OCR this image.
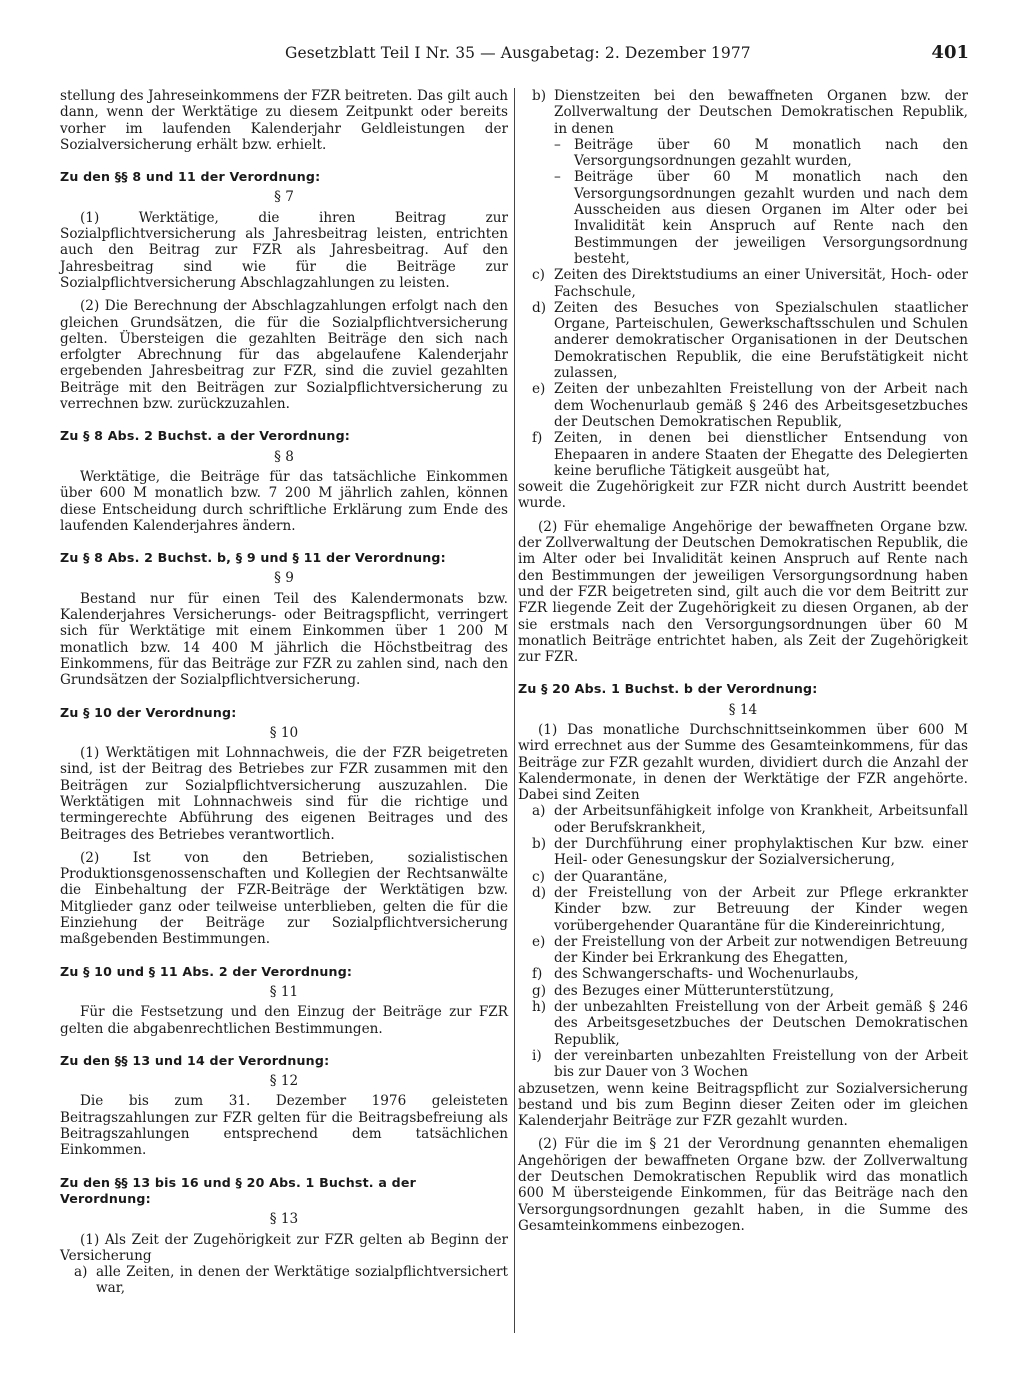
Gesetzblatt Teil I Nr. 35 — Ausgabetag: 2. Dezember 1977	401

stellung des Jahreseinkommens der FZR beitreten. Das gilt auch dann, wenn der Werktätige zu diesem Zeitpunkt oder bereits vorher im laufenden Kalenderjahr Geldleistungen der Sozialversicherung erhält bzw. erhielt.

Zu den §§ 8 und 11 der Verordnung:

§ 7

(1) Werktätige, die ihren Beitrag zur Sozialpflichtversicherung als Jahresbeitrag leisten, entrichten auch den Beitrag zur FZR als Jahresbeitrag. Auf den Jahresbeitrag sind wie für die Beiträge zur Sozialpflichtversicherung Abschlagzahlungen zu leisten.

(2) Die Berechnung der Abschlagzahlungen erfolgt nach den gleichen Grundsätzen, die für die Sozialpflichtversicherung gelten. Übersteigen die gezahlten Beiträge den sich nach erfolgter Abrechnung für das abgelaufene Kalenderjahr ergebenden Jahresbeitrag zur FZR, sind die zuviel gezahlten Beiträge mit den Beiträgen zur Sozialpflichtversicherung zu verrechnen bzw. zurückzuzahlen.

Zu § 8 Abs. 2 Buchst. a der Verordnung:

§ 8

Werktätige, die Beiträge für das tatsächliche Einkommen über 600 M monatlich bzw. 7 200 M jährlich zahlen, können diese Entscheidung durch schriftliche Erklärung zum Ende des laufenden Kalenderjahres ändern.

Zu § 8 Abs. 2 Buchst. b, § 9 und § 11 der Verordnung:

§ 9

Bestand nur für einen Teil des Kalendermonats bzw. Kalenderjahres Versicherungs- oder Beitragspflicht, verringert sich für Werktätige mit einem Einkommen über 1 200 M monatlich bzw. 14 400 M jährlich die Höchstbeitrag des Einkommens, für das Beiträge zur FZR zu zahlen sind, nach den Grundsätzen der Sozialpflichtversicherung.

Zu § 10 der Verordnung:

§ 10

(1) Werktätigen mit Lohnnachweis, die der FZR beigetreten sind, ist der Beitrag des Betriebes zur FZR zusammen mit den Beiträgen zur Sozialpflichtversicherung auszuzahlen. Die Werktätigen mit Lohnnachweis sind für die richtige und termingerechte Abführung des eigenen Beitrages und des Beitrages des Betriebes verantwortlich.

(2) Ist von den Betrieben, sozialistischen Produktionsgenossenschaften und Kollegien der Rechtsanwälte die Einbehaltung der FZR-Beiträge der Werktätigen bzw. Mitglieder ganz oder teilweise unterblieben, gelten die für die Einziehung der Beiträge zur Sozialpflichtversicherung maßgebenden Bestimmungen.

Zu § 10 und § 11 Abs. 2 der Verordnung:

§ 11

Für die Festsetzung und den Einzug der Beiträge zur FZR gelten die abgabenrechtlichen Bestimmungen.

Zu den §§ 13 und 14 der Verordnung:

§ 12

Die bis zum 31. Dezember 1976 geleisteten Beitragszahlungen zur FZR gelten für die Beitragsbefreiung als Beitragszahlungen entsprechend dem tatsächlichen Einkommen.

Zu den §§ 13 bis 16 und § 20 Abs. 1 Buchst. a der Verordnung:

§ 13

(1) Als Zeit der Zugehörigkeit zur FZR gelten ab Beginn der Versicherung

a) alle Zeiten, in denen der Werktätige sozialpflichtversichert war,
b) Dienstzeiten bei den bewaffneten Organen bzw. der Zollverwaltung der Deutschen Demokratischen Republik, in denen
– Beiträge über 60 M monatlich nach den Versorgungsordnungen gezahlt wurden,
– Beiträge über 60 M monatlich nach den Versorgungsordnungen gezahlt wurden und nach dem Ausscheiden aus diesen Organen im Alter oder bei Invalidität kein Anspruch auf Rente nach den Bestimmungen der jeweiligen Versorgungsordnung besteht,
c) Zeiten des Direktstudiums an einer Universität, Hoch- oder Fachschule,
d) Zeiten des Besuches von Spezialschulen staatlicher Organe, Parteischulen, Gewerkschaftsschulen und Schulen anderer demokratischer Organisationen in der Deutschen Demokratischen Republik, die eine Berufstätigkeit nicht zulassen,
e) Zeiten der unbezahlten Freistellung von der Arbeit nach dem Wochenurlaub gemäß § 246 des Arbeitsgesetzbuches der Deutschen Demokratischen Republik,
f) Zeiten, in denen bei dienstlicher Entsendung von Ehepaaren in andere Staaten der Ehegatte des Delegierten keine berufliche Tätigkeit ausgeübt hat,

soweit die Zugehörigkeit zur FZR nicht durch Austritt beendet wurde.

(2) Für ehemalige Angehörige der bewaffneten Organe bzw. der Zollverwaltung der Deutschen Demokratischen Republik, die im Alter oder bei Invalidität keinen Anspruch auf Rente nach den Bestimmungen der jeweiligen Versorgungsordnung haben und der FZR beigetreten sind, gilt auch die vor dem Beitritt zur FZR liegende Zeit der Zugehörigkeit zu diesen Organen, ab der sie erstmals nach den Versorgungsordnungen über 60 M monatlich Beiträge entrichtet haben, als Zeit der Zugehörigkeit zur FZR.

Zu § 20 Abs. 1 Buchst. b der Verordnung:

§ 14

(1) Das monatliche Durchschnittseinkommen über 600 M wird errechnet aus der Summe des Gesamteinkommens, für das Beiträge zur FZR gezahlt wurden, dividiert durch die Anzahl der Kalendermonate, in denen der Werktätige der FZR angehörte. Dabei sind Zeiten

a) der Arbeitsunfähigkeit infolge von Krankheit, Arbeitsunfall oder Berufskrankheit,
b) der Durchführung einer prophylaktischen Kur bzw. einer Heil- oder Genesungskur der Sozialversicherung,
c) der Quarantäne,
d) der Freistellung von der Arbeit zur Pflege erkrankter Kinder bzw. zur Betreuung der Kinder wegen vorübergehender Quarantäne für die Kindereinrichtung,
e) der Freistellung von der Arbeit zur notwendigen Betreuung der Kinder bei Erkrankung des Ehegatten,
f) des Schwangerschafts- und Wochenurlaubs,
g) des Bezuges einer Mütterunterstützung,
h) der unbezahlten Freistellung von der Arbeit gemäß § 246 des Arbeitsgesetzbuches der Deutschen Demokratischen Republik,
i) der vereinbarten unbezahlten Freistellung von der Arbeit bis zur Dauer von 3 Wochen

abzusetzen, wenn keine Beitragspflicht zur Sozialversicherung bestand und bis zum Beginn dieser Zeiten oder im gleichen Kalenderjahr Beiträge zur FZR gezahlt wurden.

(2) Für die im § 21 der Verordnung genannten ehemaligen Angehörigen der bewaffneten Organe bzw. der Zollverwaltung der Deutschen Demokratischen Republik wird das monatlich 600 M übersteigende Einkommen, für das Beiträge nach den Versorgungsordnungen gezahlt haben, in die Summe des Gesamteinkommens einbezogen.
